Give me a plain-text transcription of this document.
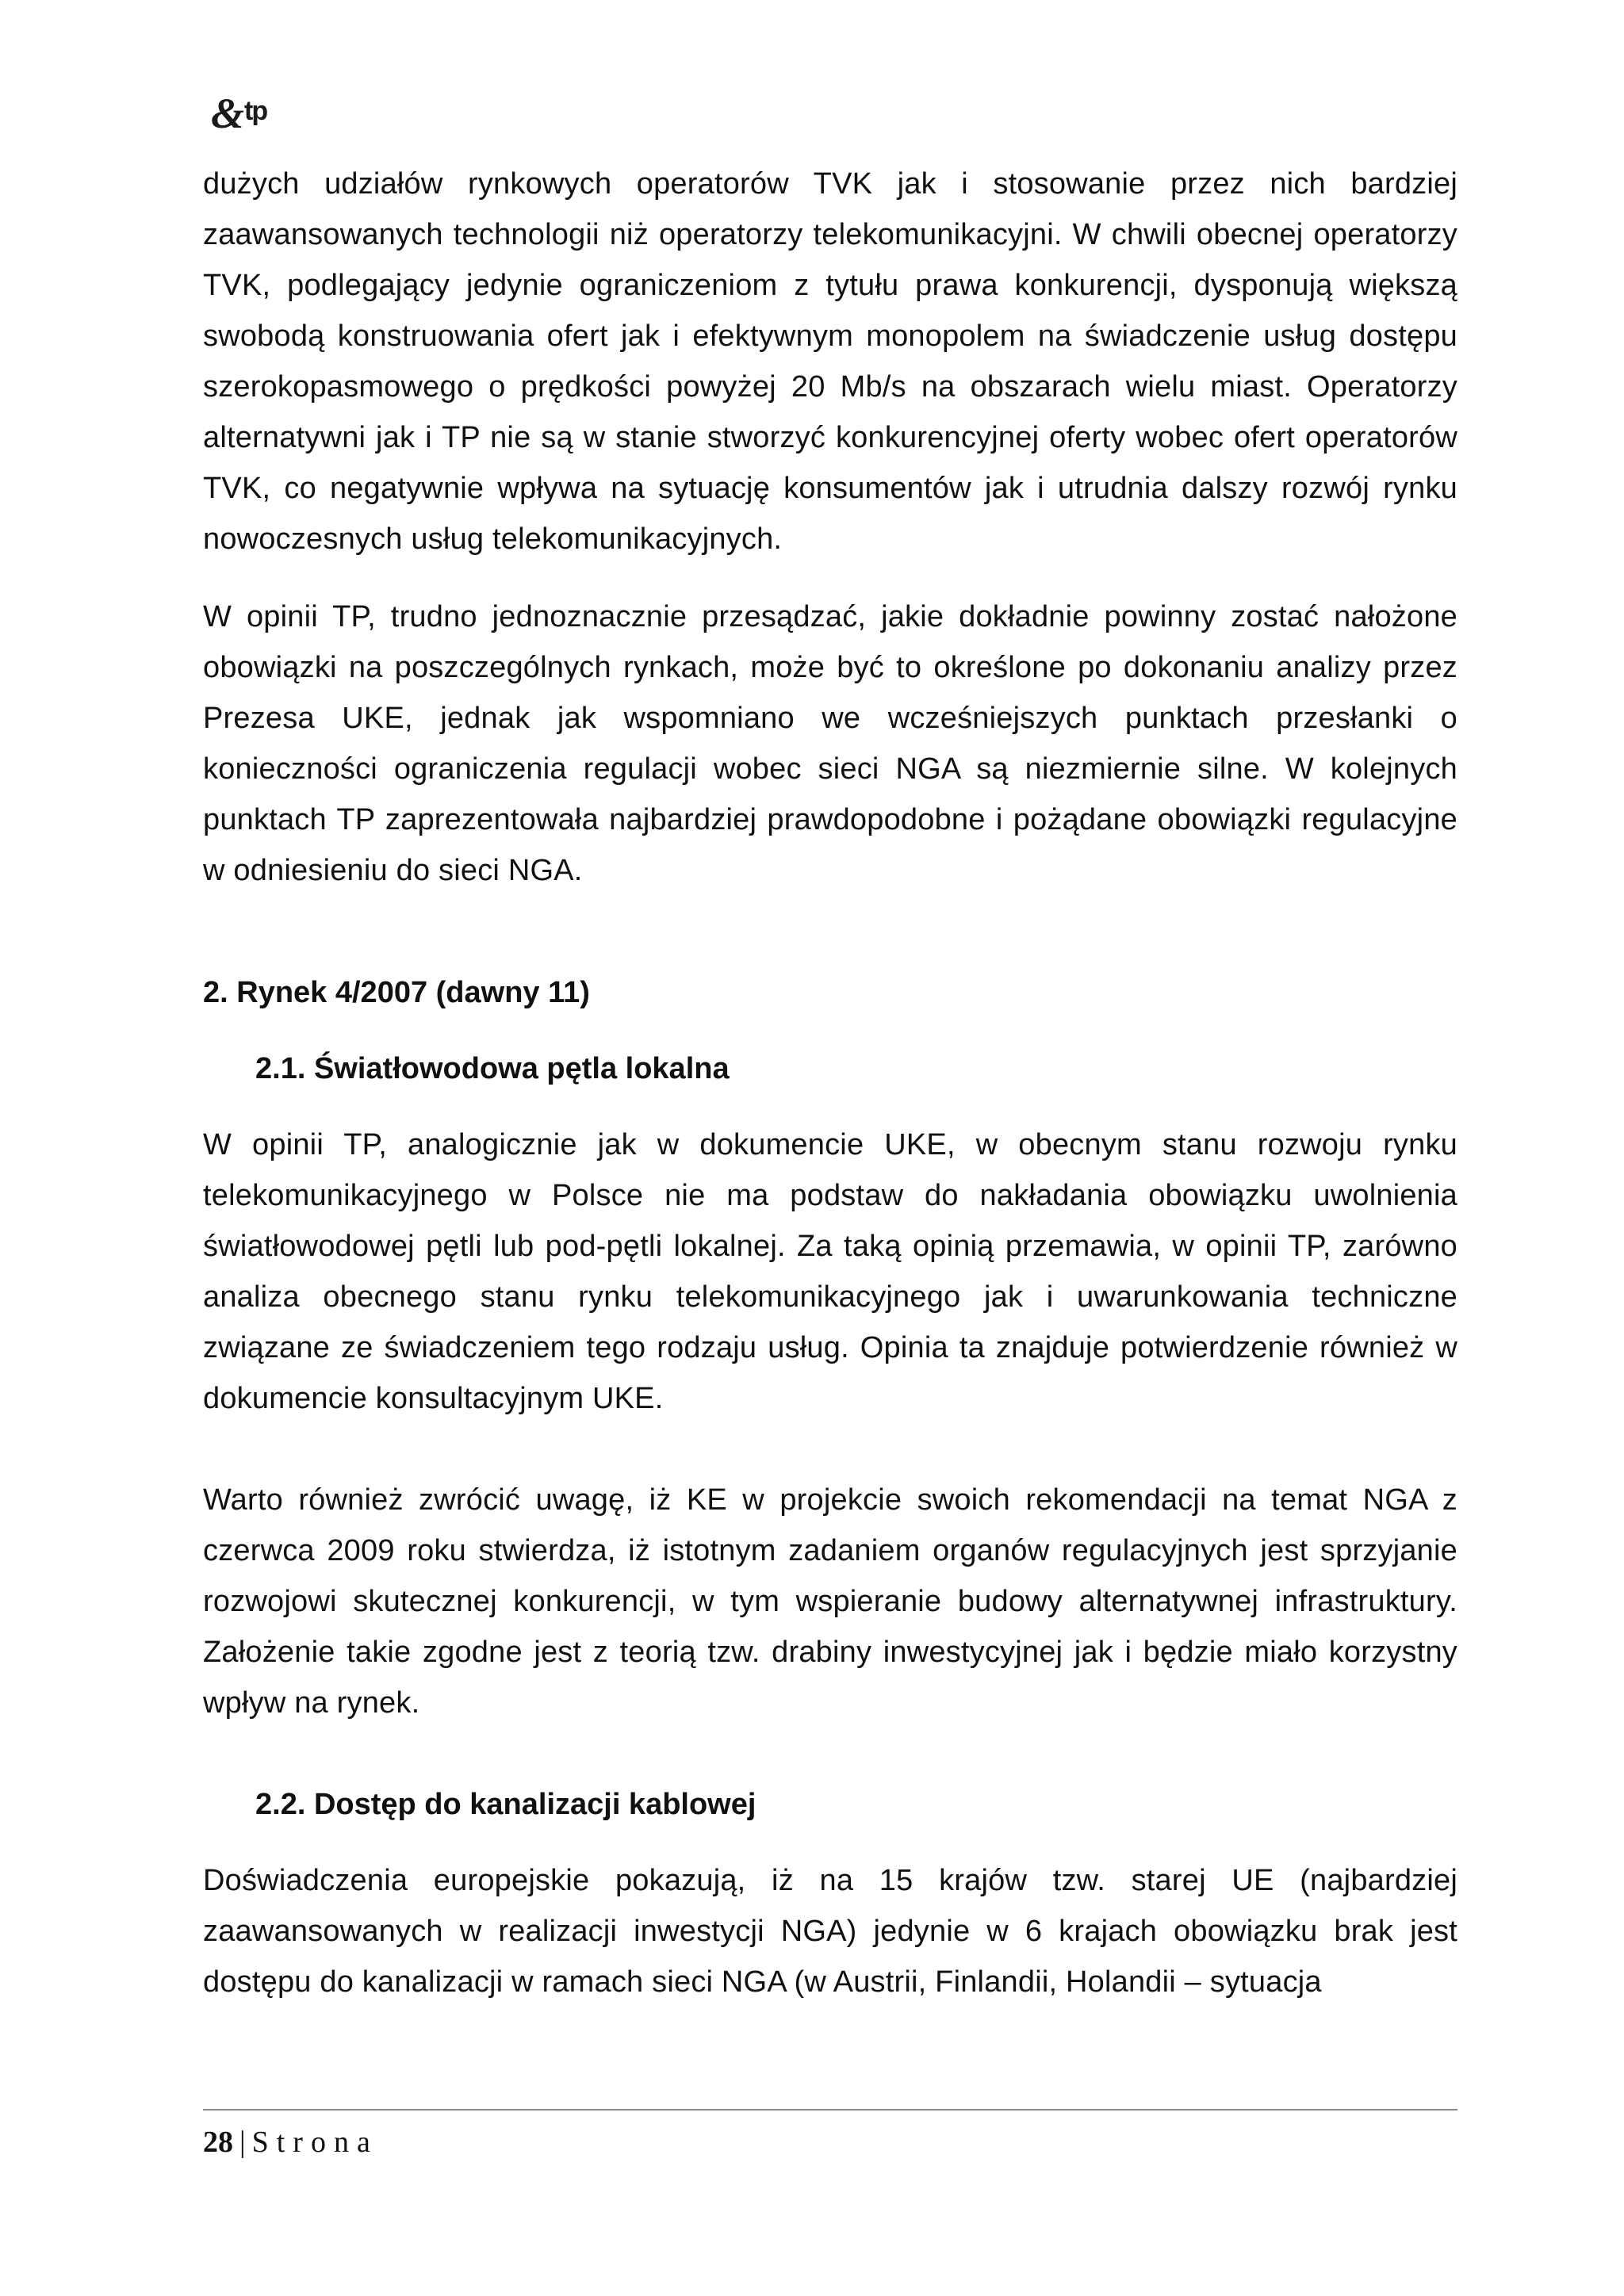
&tp

dużych udziałów rynkowych operatorów TVK jak i stosowanie przez nich bardziej zaawansowanych technologii niż operatorzy telekomunikacyjni. W chwili obecnej operatorzy TVK, podlegający jedynie ograniczeniom z tytułu prawa konkurencji, dysponują większą swobodą konstruowania ofert jak i efektywnym monopolem na świadczenie usług dostępu szerokopasmowego o prędkości powyżej 20 Mb/s na obszarach wielu miast. Operatorzy alternatywni jak i TP nie są w stanie stworzyć konkurencyjnej oferty wobec ofert operatorów TVK, co negatywnie wpływa na sytuację konsumentów jak i utrudnia dalszy rozwój rynku nowoczesnych usług telekomunikacyjnych.

W opinii TP, trudno jednoznacznie przesądzać, jakie dokładnie powinny zostać nałożone obowiązki na poszczególnych rynkach, może być to określone po dokonaniu analizy przez Prezesa UKE, jednak jak wspomniano we wcześniejszych punktach przesłanki o konieczności ograniczenia regulacji wobec sieci NGA są niezmiernie silne. W kolejnych punktach TP zaprezentowała najbardziej prawdopodobne i pożądane obowiązki regulacyjne w odniesieniu do sieci NGA.

2. Rynek 4/2007 (dawny 11)

2.1. Światłowodowa pętla lokalna

W opinii TP, analogicznie jak w dokumencie UKE, w obecnym stanu rozwoju rynku telekomunikacyjnego w Polsce nie ma podstaw do nakładania obowiązku uwolnienia światłowodowej pętli lub pod-pętli lokalnej. Za taką opinią przemawia, w opinii TP, zarówno analiza obecnego stanu rynku telekomunikacyjnego jak i uwarunkowania techniczne związane ze świadczeniem tego rodzaju usług. Opinia ta znajduje potwierdzenie również w dokumencie konsultacyjnym UKE.

Warto również zwrócić uwagę, iż KE w projekcie swoich rekomendacji na temat NGA z czerwca 2009 roku stwierdza, iż istotnym zadaniem organów regulacyjnych jest sprzyjanie rozwojowi skutecznej konkurencji, w tym wspieranie budowy alternatywnej infrastruktury. Założenie takie zgodne jest z teorią tzw. drabiny inwestycyjnej jak i będzie miało korzystny wpływ na rynek.

2.2. Dostęp do kanalizacji kablowej

Doświadczenia europejskie pokazują, iż na 15 krajów tzw. starej UE (najbardziej zaawansowanych w realizacji inwestycji NGA) jedynie w 6 krajach obowiązku brak jest dostępu do kanalizacji w ramach sieci NGA (w Austrii, Finlandii, Holandii – sytuacja

28 | Strona
